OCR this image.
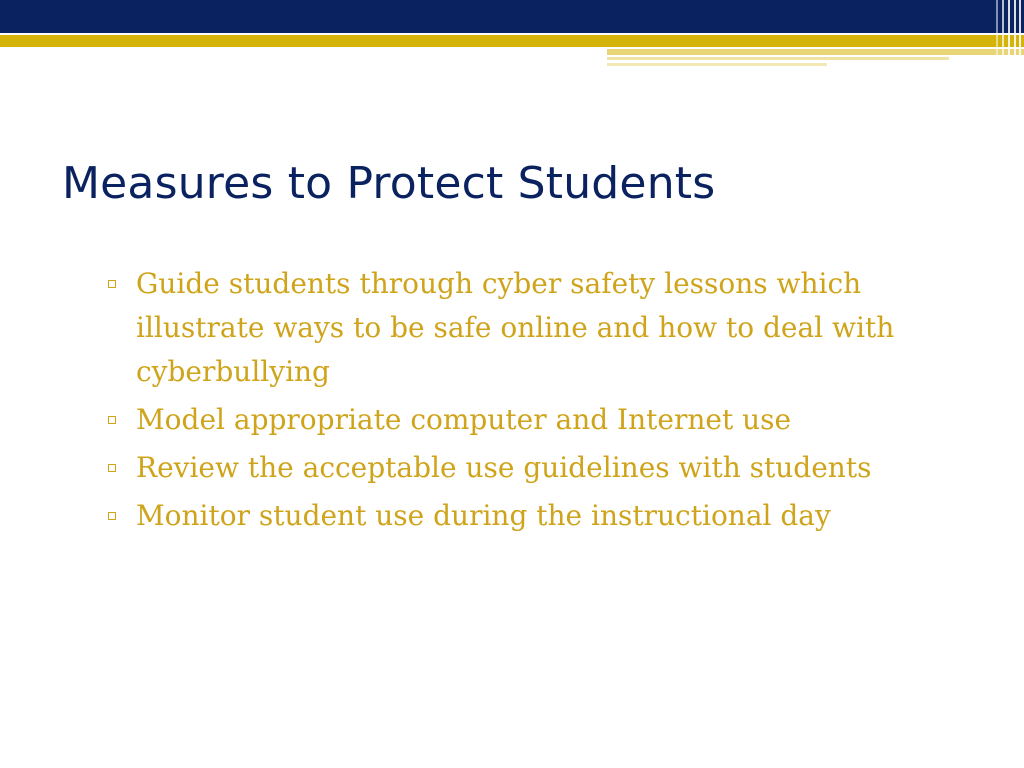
Measures to Protect Students
Guide students through cyber safety lessons which illustrate ways to be safe online and how to deal with cyberbullying
Model appropriate computer and Internet use
Review the acceptable use guidelines with students
Monitor student use during the instructional day
